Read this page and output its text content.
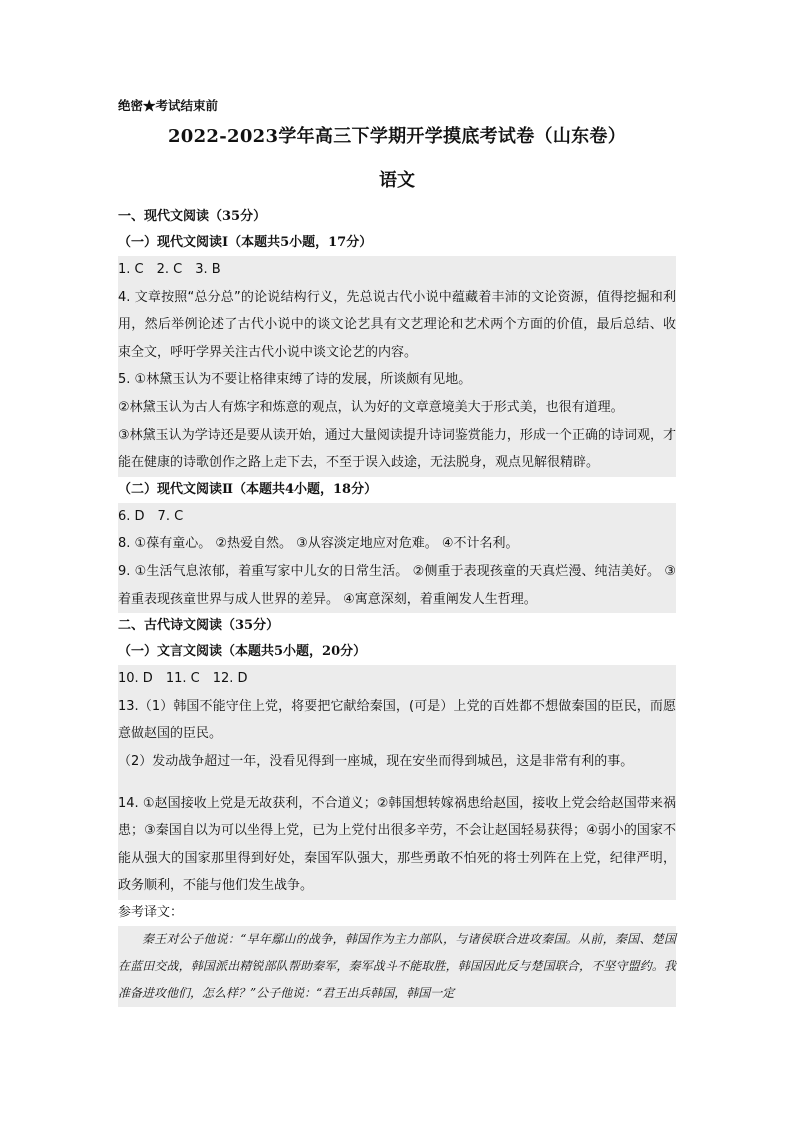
绝密★考试结束前
2022-2023学年高三下学期开学摸底考试卷（山东卷）
语文
一、现代文阅读（35分）
（一）现代文阅读Ⅰ（本题共5小题，17分）

1. C　2. C　3. B

4. 文章按照“总分总”的论说结构行义，先总说古代小说中蕴藏着丰沛的文论资源，值得挖掘和利用，然后举例论述了古代小说中的谈文论艺具有文艺理论和艺术两个方面的价值，最后总结、收束全文，呼吁学界关注古代小说中谈文论艺的内容。

5. ①林黛玉认为不要让格律束缚了诗的发展，所谈颇有见地。

②林黛玉认为古人有炼字和炼意的观点，认为好的文章意境美大于形式美，也很有道理。

③林黛玉认为学诗还是要从读开始，通过大量阅读提升诗词鉴赏能力，形成一个正确的诗词观，才能在健康的诗歌创作之路上走下去，不至于误入歧途，无法脱身，观点见解很精辟。

（二）现代文阅读Ⅱ（本题共4小题，18分）

6. D　7. C

8. ①葆有童心。 ②热爱自然。 ③从容淡定地应对危难。 ④不计名利。

9. ①生活气息浓郁，着重写家中儿女的日常生活。 ②侧重于表现孩童的天真烂漫、纯洁美好。 ③着重表现孩童世界与成人世界的差异。 ④寓意深刻，着重阐发人生哲理。

二、古代诗文阅读（35分）
（一）文言文阅读（本题共5小题，20分）

10. D　11. C　12. D

13.（1）韩国不能守住上党，将要把它献给秦国，(可是）上党的百姓都不想做秦国的臣民，而愿意做赵国的臣民。

（2）发动战争超过一年，没看见得到一座城，现在安坐而得到城邑，这是非常有利的事。

14. ①赵国接收上党是无故获利，不合道义；②韩国想转嫁祸患给赵国，接收上党会给赵国带来祸患；③秦国自以为可以坐得上党，已为上党付出很多辛劳，不会让赵国轻易获得；④弱小的国家不能从强大的国家那里得到好处，秦国军队强大，那些勇敢不怕死的将士列阵在上党，纪律严明，政务顺利，不能与他们发生战争。

参考译文：

秦王对公子他说：“早年鄢山的战争，韩国作为主力部队，与诸侯联合进攻秦国。从前，秦国、楚国在蓝田交战，韩国派出精锐部队帮助秦军，秦军战斗不能取胜，韩国因此反与楚国联合，不坚守盟约。我准备进攻他们，怎么样？”公子他说：“君王出兵韩国，韩国一定
